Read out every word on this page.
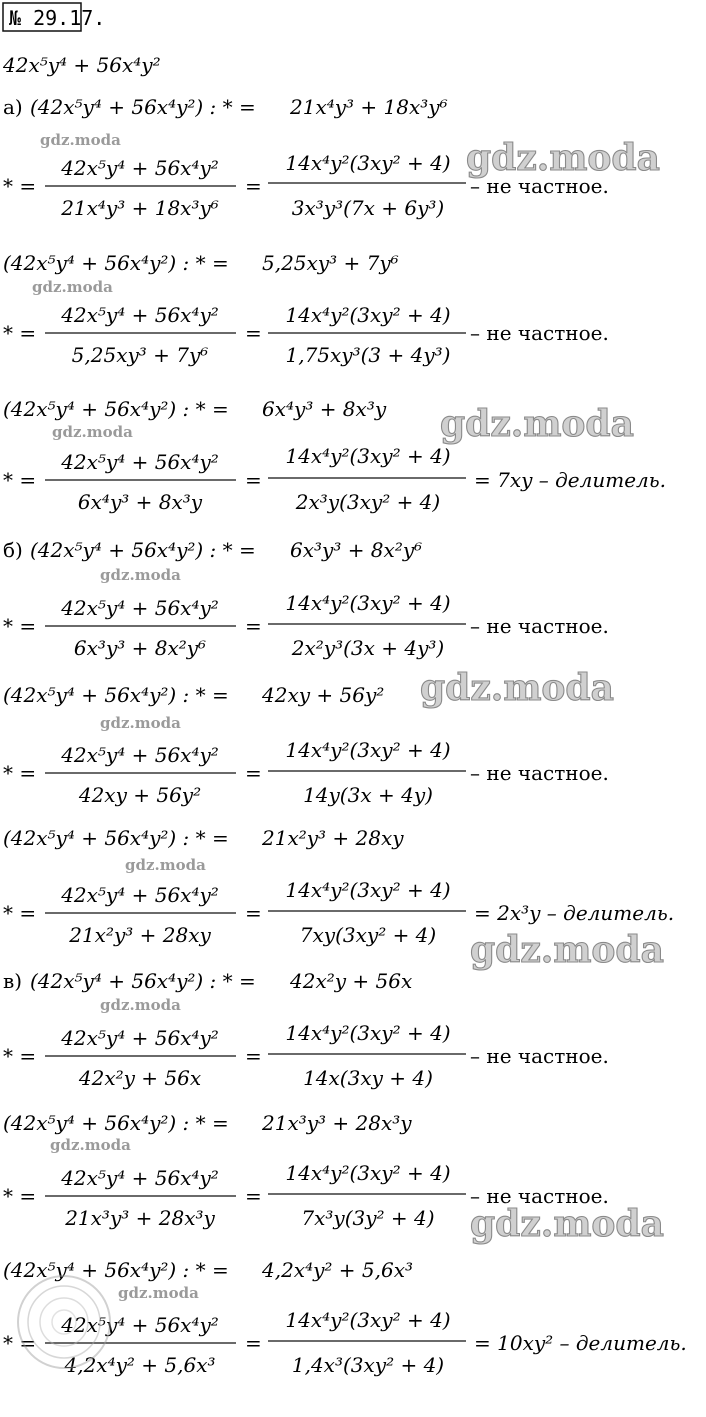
№ 29.17.
42x⁵y⁴ + 56x⁴y²
а) (42x⁵y⁴ + 56x⁴y²) : * = 21x⁴y³ + 18x³y⁶
* =
42x⁵y⁴ + 56x⁴y²
21x⁴y³ + 18x³y⁶
=
14x⁴y²(3xy² + 4)
3x³y³(7x + 6y³)
– не частное.
gdz.moda	gdz.moda
(42x⁵y⁴ + 56x⁴y²) : * = 5,25xy³ + 7y⁶
* =
42x⁵y⁴ + 56x⁴y²
5,25xy³ + 7y⁶
=
14x⁴y²(3xy² + 4)
1,75xy³(3 + 4y³)
– не частное.
gdz.moda
(42x⁵y⁴ + 56x⁴y²) : * = 6x⁴y³ + 8x³y
* =
42x⁵y⁴ + 56x⁴y²
6x⁴y³ + 8x³y
=
14x⁴y²(3xy² + 4)
2x³y(3xy² + 4)
= 7xy – делитель.
gdz.moda	gdz.moda
б) (42x⁵y⁴ + 56x⁴y²) : * = 6x³y³ + 8x²y⁶
* =
42x⁵y⁴ + 56x⁴y²
6x³y³ + 8x²y⁶
=
14x⁴y²(3xy² + 4)
2x²y³(3x + 4y³)
– не частное.
gdz.moda
(42x⁵y⁴ + 56x⁴y²) : * = 42xy + 56y²
* =
42x⁵y⁴ + 56x⁴y²
42xy + 56y²
=
14x⁴y²(3xy² + 4)
14y(3x + 4y)
– не частное.
gdz.moda
gdz.moda
(42x⁵y⁴ + 56x⁴y²) : * = 21x²y³ + 28xy
* =
42x⁵y⁴ + 56x⁴y²
21x²y³ + 28xy
=
14x⁴y²(3xy² + 4)
7xy(3xy² + 4)
= 2x³y – делитель.
gdz.moda
gdz.moda
в) (42x⁵y⁴ + 56x⁴y²) : * = 42x²y + 56x
* =
42x⁵y⁴ + 56x⁴y²
42x²y + 56x
=
14x⁴y²(3xy² + 4)
14x(3xy + 4)
– не частное.
gdz.moda
(42x⁵y⁴ + 56x⁴y²) : * = 21x³y³ + 28x³y
* =
42x⁵y⁴ + 56x⁴y²
21x³y³ + 28x³y
=
14x⁴y²(3xy² + 4)
7x³y(3y² + 4)
– не частное.
gdz.moda
gdz.moda
(42x⁵y⁴ + 56x⁴y²) : * = 4,2x⁴y² + 5,6x³
* =
42x⁵y⁴ + 56x⁴y²
4,2x⁴y² + 5,6x³
=
14x⁴y²(3xy² + 4)
1,4x³(3xy² + 4)
= 10xy² – делитель.
gdz.moda
